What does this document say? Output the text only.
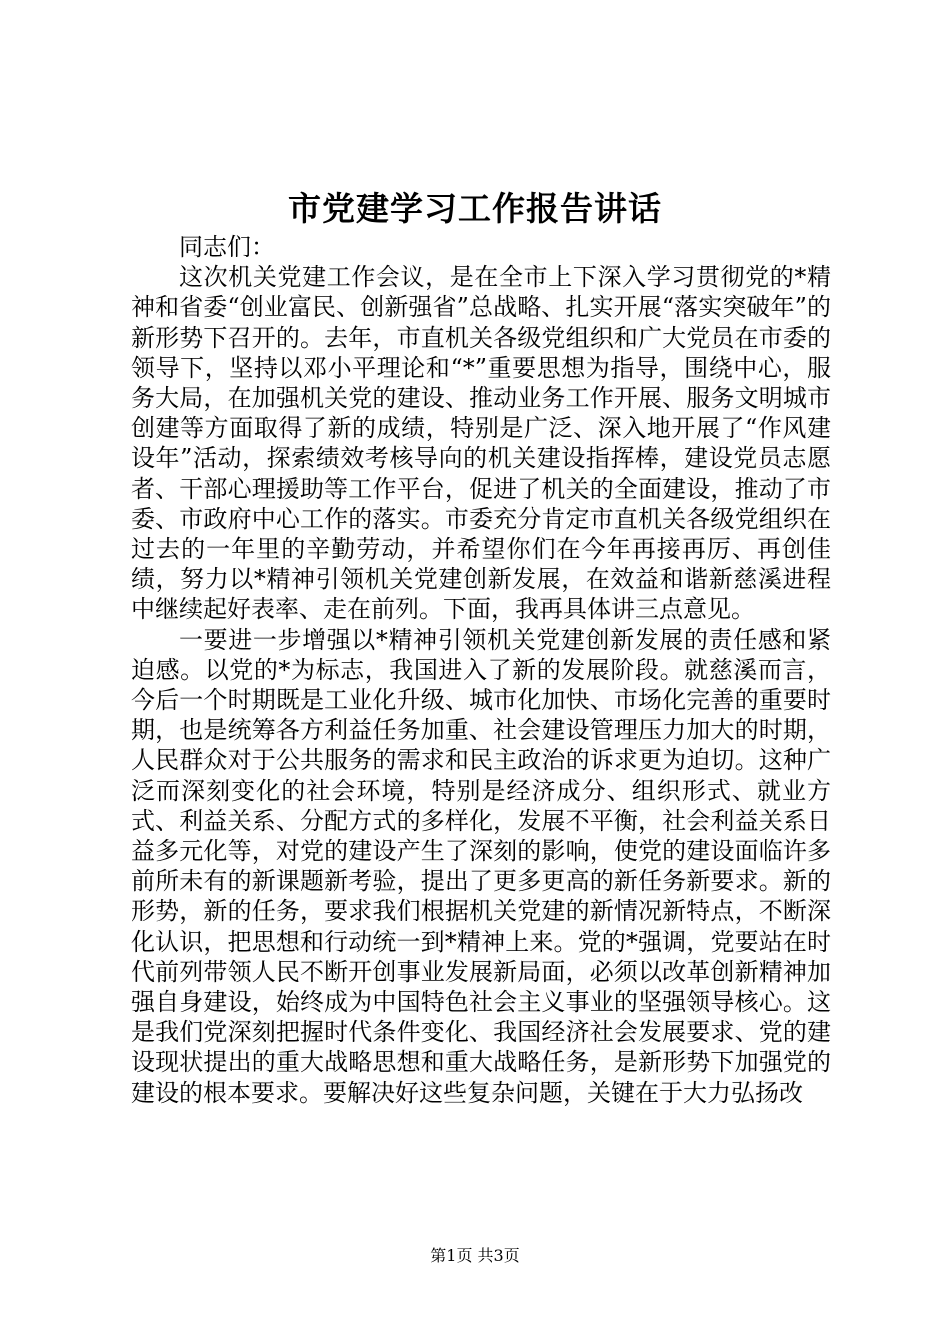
市党建学习工作报告讲话

同志们：

这次机关党建工作会议，是在全市上下深入学习贯彻党的*精神和省委“创业富民、创新强省”总战略、扎实开展“落实突破年”的新形势下召开的。去年，市直机关各级党组织和广大党员在市委的领导下，坚持以邓小平理论和“*”重要思想为指导，围绕中心，服务大局，在加强机关党的建设、推动业务工作开展、服务文明城市创建等方面取得了新的成绩，特别是广泛、深入地开展了“作风建设年”活动，探索绩效考核导向的机关建设指挥棒，建设党员志愿者、干部心理援助等工作平台，促进了机关的全面建设，推动了市委、市政府中心工作的落实。市委充分肯定市直机关各级党组织在过去的一年里的辛勤劳动，并希望你们在今年再接再厉、再创佳绩，努力以*精神引领机关党建创新发展，在效益和谐新慈溪进程中继续起好表率、走在前列。下面，我再具体讲三点意见。

一要进一步增强以*精神引领机关党建创新发展的责任感和紧迫感。以党的*为标志，我国进入了新的发展阶段。就慈溪而言，今后一个时期既是工业化升级、城市化加快、市场化完善的重要时期，也是统筹各方利益任务加重、社会建设管理压力加大的时期，人民群众对于公共服务的需求和民主政治的诉求更为迫切。这种广泛而深刻变化的社会环境，特别是经济成分、组织形式、就业方式、利益关系、分配方式的多样化，发展不平衡，社会利益关系日益多元化等，对党的建设产生了深刻的影响，使党的建设面临许多前所未有的新课题新考验，提出了更多更高的新任务新要求。新的形势，新的任务，要求我们根据机关党建的新情况新特点，不断深化认识，把思想和行动统一到*精神上来。党的*强调，党要站在时代前列带领人民不断开创事业发展新局面，必须以改革创新精神加强自身建设，始终成为中国特色社会主义事业的坚强领导核心。这是我们党深刻把握时代条件变化、我国经济社会发展要求、党的建设现状提出的重大战略思想和重大战略任务，是新形势下加强党的建设的根本要求。要解决好这些复杂问题，关键在于大力弘扬改

第1页 共3页
